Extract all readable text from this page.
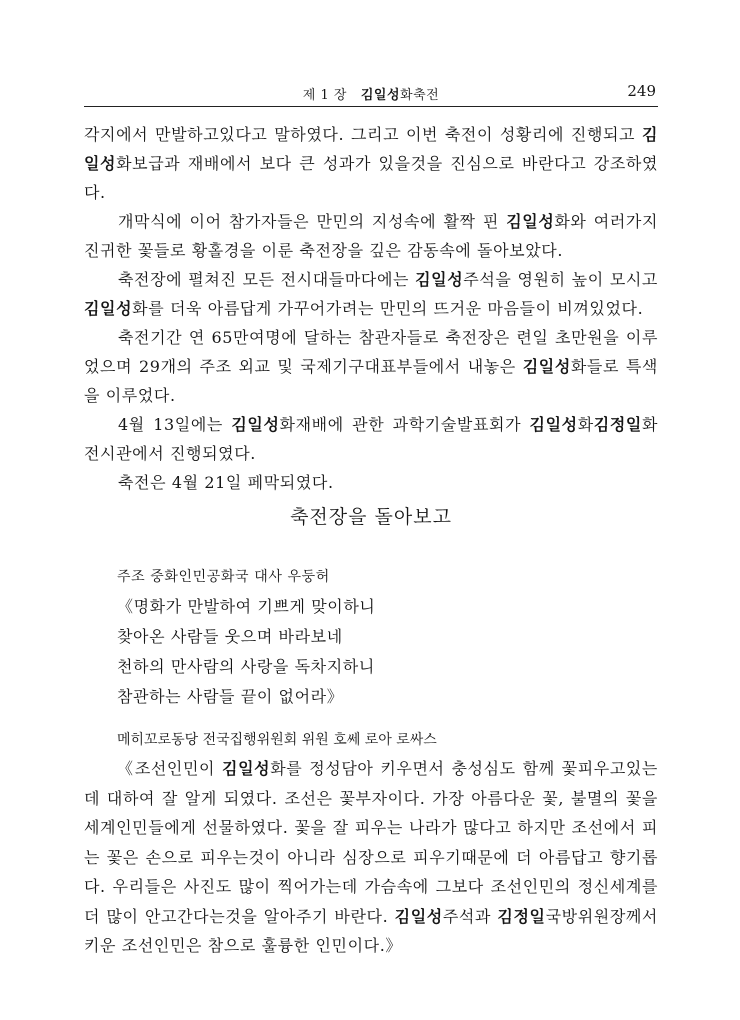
제 1 장 김일성화축전	249

각지에서 만발하고있다고 말하였다. 그리고 이번 축전이 성황리에 진행되고 김일성화보급과 재배에서 보다 큰 성과가 있을것을 진심으로 바란다고 강조하였다.

개막식에 이어 참가자들은 만민의 지성속에 활짝 핀 김일성화와 여러가지 진귀한 꽃들로 황홀경을 이룬 축전장을 깊은 감동속에 돌아보았다.

축전장에 펼쳐진 모든 전시대들마다에는 김일성주석을 영원히 높이 모시고 김일성화를 더욱 아름답게 가꾸어가려는 만민의 뜨거운 마음들이 비껴있었다.

축전기간 연 65만여명에 달하는 참관자들로 축전장은 련일 초만원을 이루었으며 29개의 주조 외교 및 국제기구대표부들에서 내놓은 김일성화들로 특색을 이루었다.

4월 13일에는 김일성화재배에 관한 과학기술발표회가 김일성화김정일화전시관에서 진행되였다.

축전은 4월 21일 페막되였다.

축전장을 돌아보고
주조 중화인민공화국 대사 우둥허
《명화가 만발하여 기쁘게 맞이하니
찾아온 사람들 웃으며 바라보네
천하의 만사람의 사랑을 독차지하니
참관하는 사람들 끝이 없어라》
메히꼬로동당 전국집행위원회 위원 호쎄 로아 로싸스

《조선인민이 김일성화를 정성담아 키우면서 충성심도 함께 꽃피우고있는데 대하여 잘 알게 되였다. 조선은 꽃부자이다. 가장 아름다운 꽃, 불멸의 꽃을 세계인민들에게 선물하였다. 꽃을 잘 피우는 나라가 많다고 하지만 조선에서 피는 꽃은 손으로 피우는것이 아니라 심장으로 피우기때문에 더 아름답고 향기롭다. 우리들은 사진도 많이 찍어가는데 가슴속에 그보다 조선인민의 정신세계를 더 많이 안고간다는것을 알아주기 바란다. 김일성주석과 김정일국방위원장께서 키운 조선인민은 참으로 훌륭한 인민이다.》
